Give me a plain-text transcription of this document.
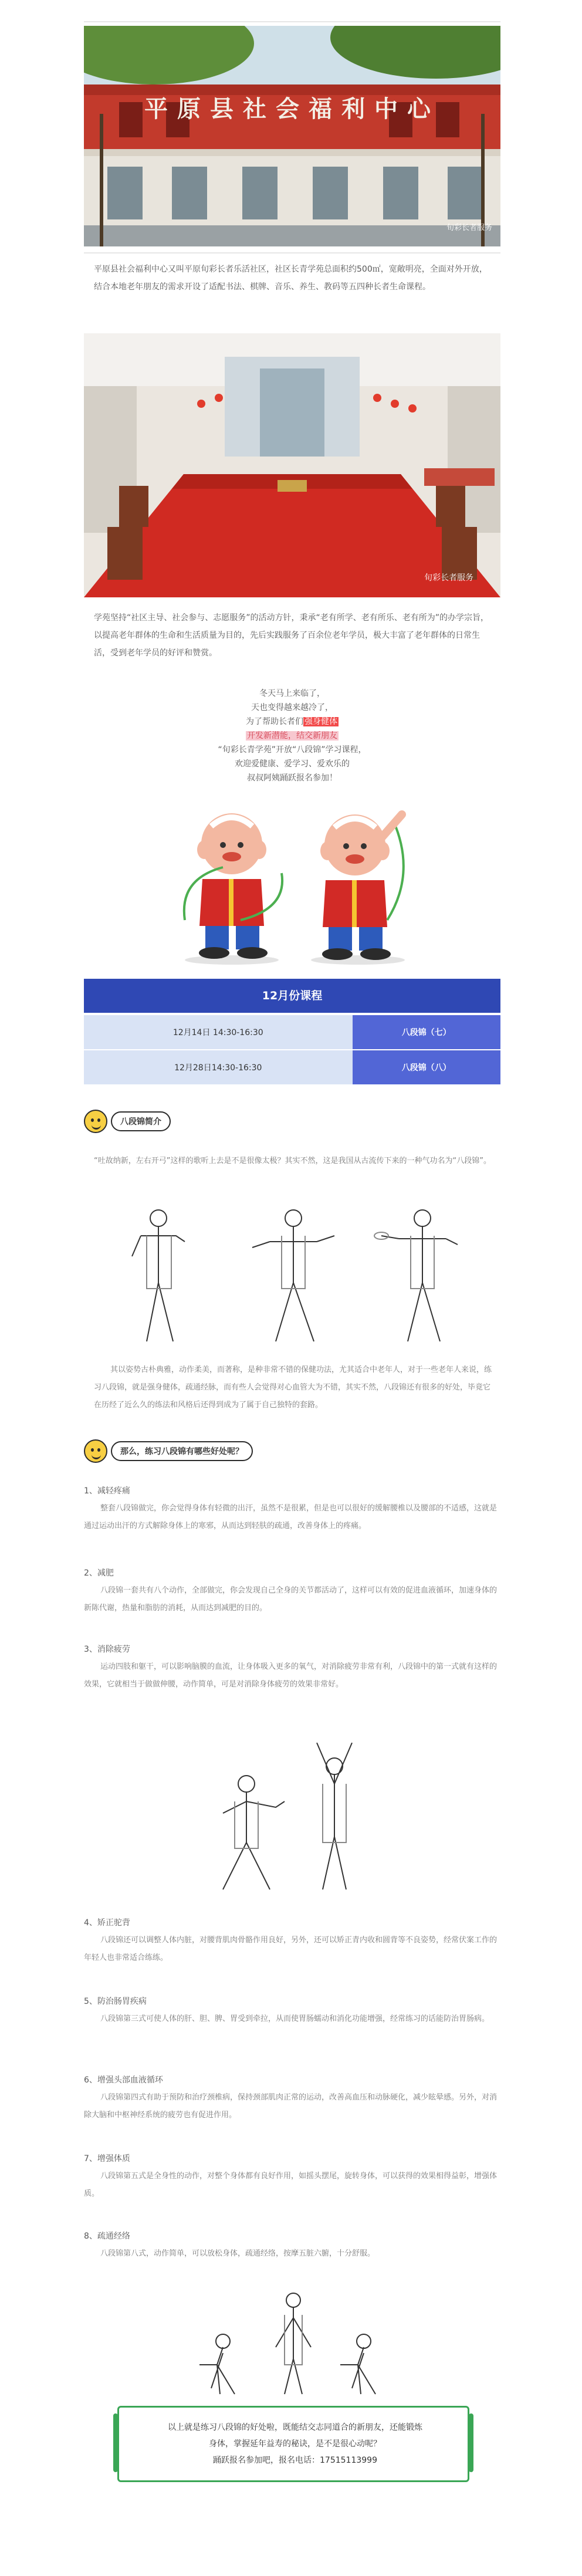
平原县社会福利中心
旬彩长者服务
平原县社会福利中心又叫平原旬彩长者乐活社区，社区长青学苑总面积约500㎡，宽敞明亮，全面对外开放，结合本地老年朋友的需求开设了适配书法、棋牌、音乐、养生、教码等五四种长者生命课程。
旬彩长者服务
学苑坚持“社区主导、社会参与、志愿服务”的活动方针，秉承“老有所学、老有所乐、老有所为”的办学宗旨，以提高老年群体的生命和生活质量为目的，先后实践服务了百余位老年学员，极大丰富了老年群体的日常生活，受到老年学员的好评和赞赏。
冬天马上来临了，
天也变得越来越冷了，
为了帮助长者们 强身健体
开发新潜能，结交新朋友
“旬彩长青学苑”开放“八段锦”学习课程，
欢迎爱健康、爱学习、爱欢乐的
叔叔阿姨踊跃报名参加！
12月份课程
12月14日 14:30-16:30	八段锦（七）
12月28日14:30-16:30	八段锦（八）
八段锦简介
“吐故纳新，左右开弓”这样的歌听上去是不是很像太极？其实不然，这是我国从古流传下来的一种气功名为“八段锦”。
其以姿势古朴典雅，动作柔美，而著称，是种非常不错的保健功法，尤其适合中老年人，对于一些老年人来说，练习八段锦，就是强身健体，疏通经脉，而有些人会觉得对心血管大为不错，其实不然，八段锦还有很多的好处，毕竟它在历经了近么久的练法和风格后还得到成为了属于自己独特的套路。
那么，练习八段锦有哪些好处呢？
1、减轻疼痛
整套八段锦做完，你会觉得身体有轻微的出汗，虽然不是很累，但是也可以很好的缓解腰椎以及腰部的不适感，这就是通过运动出汗的方式解除身体上的寒邪，从而达到轻肤的疏通，改善身体上的疼痛。
2、减肥
八段锦一套共有八个动作，全部做完，你会发现自己全身的关节都活动了，这样可以有效的促进血液循环，加速身体的新陈代谢，热量和脂肪的消耗，从而达到减肥的目的。
3、消除疲劳
运动四肢和躯干，可以影响脑膜的血流，让身体吸入更多的氧气，对消除疲劳非常有利，八段锦中的第一式就有这样的效果，它就相当于做做伸腰，动作简单，可是对消除身体疲劳的效果非常好。
4、矫正驼背
八段锦还可以调整人体内脏，对腰背肌肉骨骼作用良好，另外，还可以矫正青内收和圆背等不良姿势，经常伏案工作的年轻人也非常适合练练。
5、防治肠胃疾病
八段锦第三式可使人体的肝、胆、脾、胃受到牵拉，从而使胃肠蠕动和消化功能增强，经常练习的话能防治胃肠病。
6、增强头部血液循环
八段锦第四式有助于预防和治疗颈椎病，保持颈部肌肉正常的运动，改善高血压和动脉硬化，减少眩晕感。另外，对消除大脑和中枢神经系统的疲劳也有促进作用。
7、增强体质
八段锦第五式是全身性的动作，对整个身体都有良好作用，如摇头摆尾，旋转身体，可以获得的效果相得益彰，增强体质。
8、疏通经络
八段锦第八式，动作简单，可以放松身体，疏通经络，按摩五脏六腑，十分舒服。
以上就是练习八段锦的好处啦，既能结交志同道合的新朋友，还能锻炼
身体，掌握延年益寿的秘诀，是不是很心动呢？
踊跃报名参加吧，报名电话：17515113999
